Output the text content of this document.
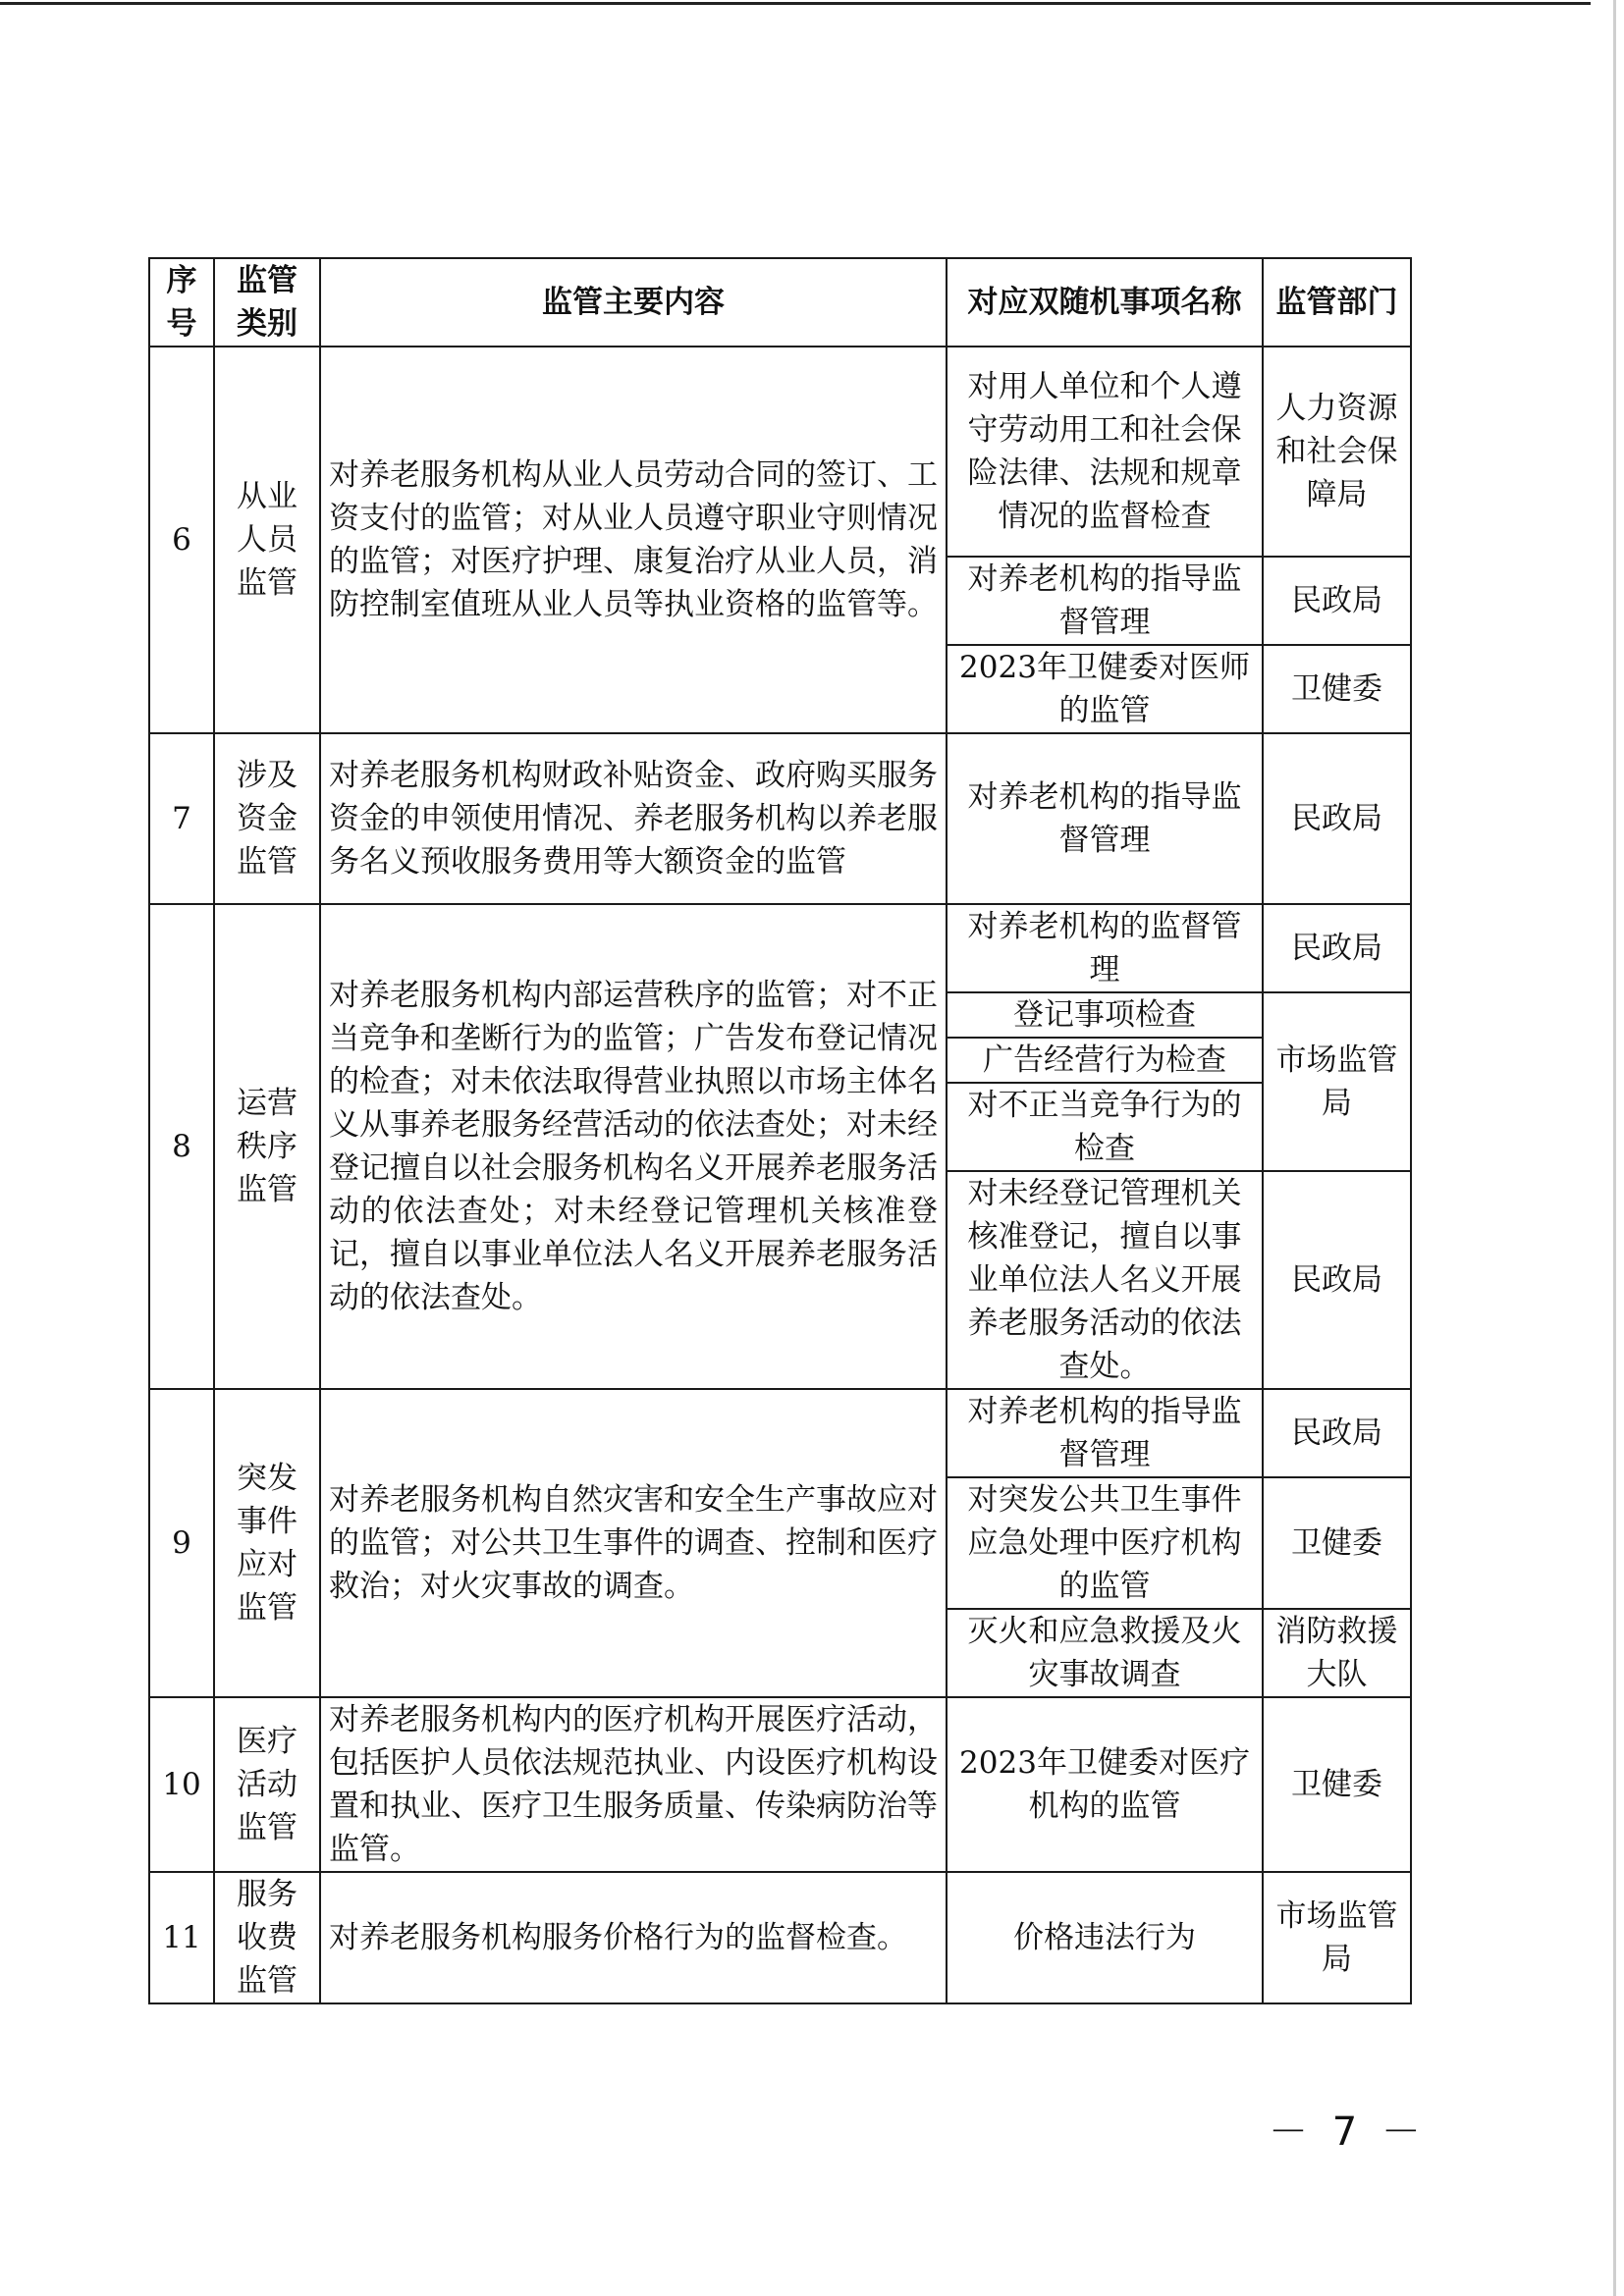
序号	监管类别	监管主要内容	对应双随机事项名称	监管部门
6	从业人员监管	对养老服务机构从业人员劳动合同的签订、工资支付的监管；对从业人员遵守职业守则情况的监管；对医疗护理、康复治疗从业人员，消防控制室值班从业人员等执业资格的监管等。	对用人单位和个人遵守劳动用工和社会保险法律、法规和规章情况的监督检查	人力资源和社会保障局
			对养老机构的指导监督管理	民政局
			2023年卫健委对医师的监管	卫健委
7	涉及资金监管	对养老服务机构财政补贴资金、政府购买服务资金的申领使用情况、养老服务机构以养老服务名义预收服务费用等大额资金的监管	对养老机构的指导监督管理	民政局
8	运营秩序监管	对养老服务机构内部运营秩序的监管；对不正当竞争和垄断行为的监管；广告发布登记情况的检查；对未依法取得营业执照以市场主体名义从事养老服务经营活动的依法查处；对未经登记擅自以社会服务机构名义开展养老服务活动的依法查处；对未经登记管理机关核准登记，擅自以事业单位法人名义开展养老服务活动的依法查处。	对养老机构的监督管理	民政局
			登记事项检查	市场监管局
			广告经营行为检查	
			对不正当竞争行为的检查	
			对未经登记管理机关核准登记，擅自以事业单位法人名义开展养老服务活动的依法查处。	民政局
9	突发事件应对监管	对养老服务机构自然灾害和安全生产事故应对的监管；对公共卫生事件的调查、控制和医疗救治；对火灾事故的调查。	对养老机构的指导监督管理	民政局
			对突发公共卫生事件应急处理中医疗机构的监管	卫健委
			灭火和应急救援及火灾事故调查	消防救援大队
10	医疗活动监管	对养老服务机构内的医疗机构开展医疗活动，包括医护人员依法规范执业、内设医疗机构设置和执业、医疗卫生服务质量、传染病防治等监管。	2023年卫健委对医疗机构的监管	卫健委
11	服务收费监管	对养老服务机构服务价格行为的监督检查。	价格违法行为	市场监管局
－ 7 －
